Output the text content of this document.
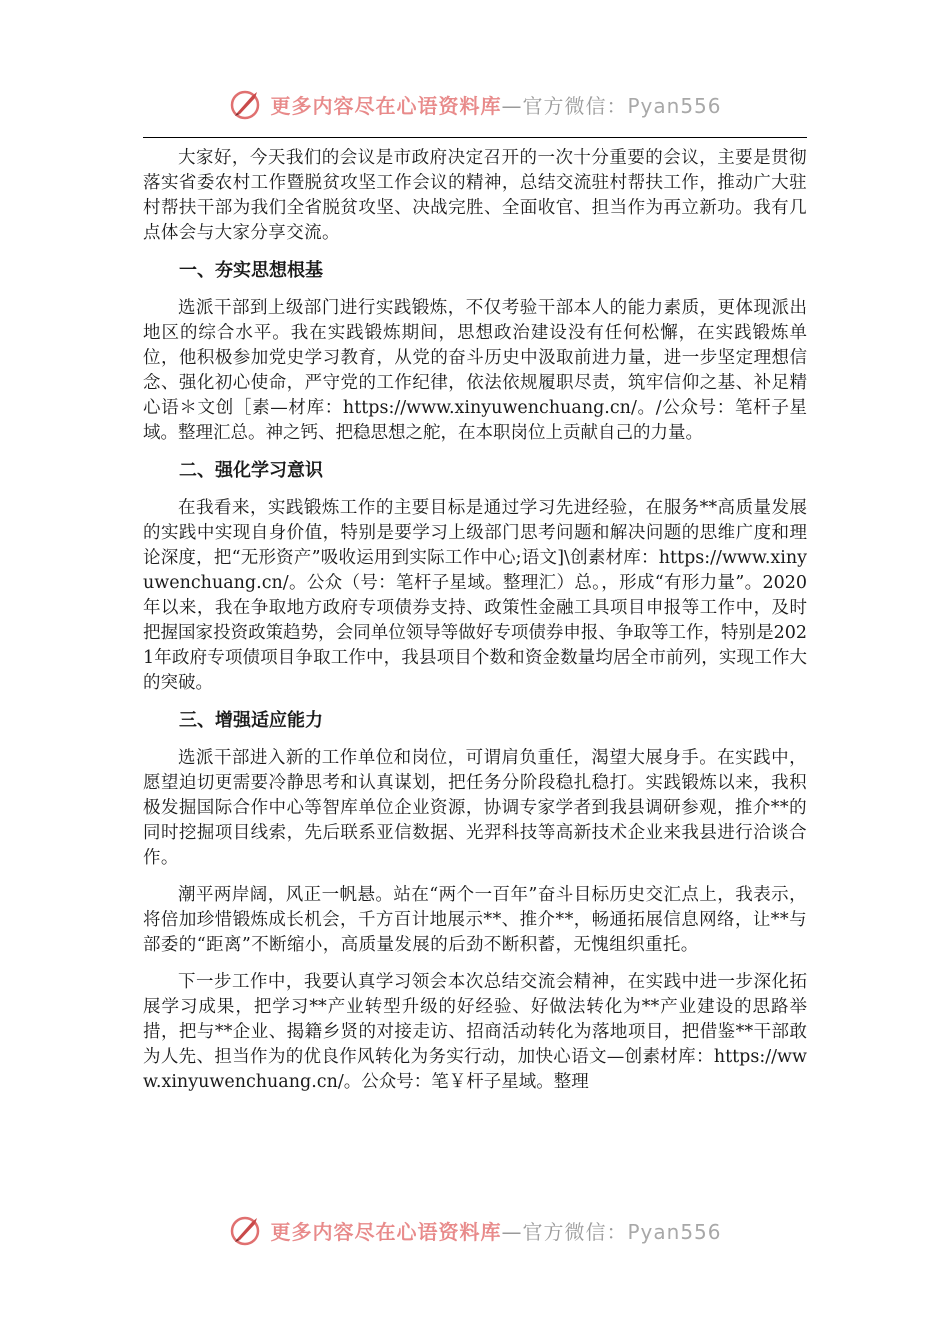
更多内容尽在心语资料库—官方微信：Pyan556

大家好，今天我们的会议是市政府决定召开的一次十分重要的会议，主要是贯彻落实省委农村工作暨脱贫攻坚工作会议的精神，总结交流驻村帮扶工作，推动广大驻村帮扶干部为我们全省脱贫攻坚、决战完胜、全面收官、担当作为再立新功。我有几点体会与大家分享交流。

一、夯实思想根基

选派干部到上级部门进行实践锻炼，不仅考验干部本人的能力素质，更体现派出地区的综合水平。我在实践锻炼期间，思想政治建设没有任何松懈，在实践锻炼单位，他积极参加党史学习教育，从党的奋斗历史中汲取前进力量，进一步坚定理想信念、强化初心使命，严守党的工作纪律，依法依规履职尽责，筑牢信仰之基、补足精心语＊文创［素—材库：https://www.xinyuwenchuang.cn/。/公众号：笔杆子星域。整理汇总。神之钙、把稳思想之舵，在本职岗位上贡献自己的力量。

二、强化学习意识

在我看来，实践锻炼工作的主要目标是通过学习先进经验，在服务**高质量发展的实践中实现自身价值，特别是要学习上级部门思考问题和解决问题的思维广度和理论深度，把“无形资产”吸收运用到实际工作中心;语文]\创素材库：https://www.xinyuwenchuang.cn/。公众（号：笔杆子星域。整理汇）总。，形成“有形力量”。2020年以来，我在争取地方政府专项债券支持、政策性金融工具项目申报等工作中，及时把握国家投资政策趋势，会同单位领导等做好专项债券申报、争取等工作，特别是2021年政府专项债项目争取工作中，我县项目个数和资金数量均居全市前列，实现工作大的突破。

三、增强适应能力

选派干部进入新的工作单位和岗位，可谓肩负重任，渴望大展身手。在实践中，愿望迫切更需要冷静思考和认真谋划，把任务分阶段稳扎稳打。实践锻炼以来，我积极发掘国际合作中心等智库单位企业资源，协调专家学者到我县调研参观，推介**的同时挖掘项目线索，先后联系亚信数据、光羿科技等高新技术企业来我县进行洽谈合作。

潮平两岸阔，风正一帆悬。站在“两个一百年”奋斗目标历史交汇点上，我表示，将倍加珍惜锻炼成长机会，千方百计地展示**、推介**，畅通拓展信息网络，让**与部委的“距离”不断缩小，高质量发展的后劲不断积蓄，无愧组织重托。

下一步工作中，我要认真学习领会本次总结交流会精神，在实践中进一步深化拓展学习成果，把学习**产业转型升级的好经验、好做法转化为**产业建设的思路举措，把与**企业、揭籍乡贤的对接走访、招商活动转化为落地项目，把借鉴**干部敢为人先、担当作为的优良作风转化为务实行动，加快心语文—创素材库：https://www.xinyuwenchuang.cn/。公众号：笔￥杆子星域。整理

更多内容尽在心语资料库—官方微信：Pyan556
